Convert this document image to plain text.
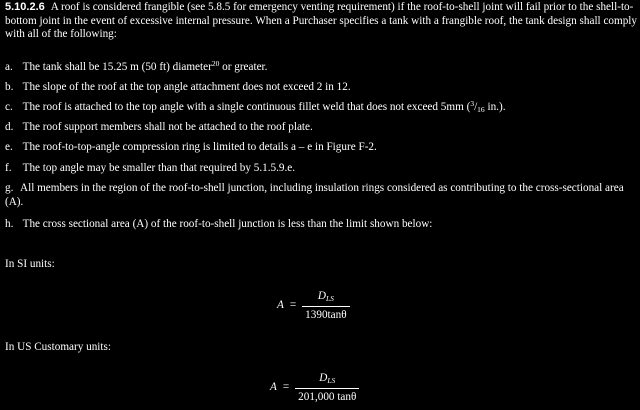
5.10.2.6 A roof is considered frangible (see 5.8.5 for emergency venting requirement) if the roof-to-shell joint will fail prior to the shell-to-bottom joint in the event of excessive internal pressure. When a Purchaser specifies a tank with a frangible roof, the tank design shall comply with all of the following:

a. The tank shall be 15.25 m (50 ft) diameter$^{20}$ or greater.

b. The slope of the roof at the top angle attachment does not exceed 2 in 12.

c. The roof is attached to the top angle with a single continuous fillet weld that does not exceed 5mm ($^3/_{16}$ in.).

d. The roof support members shall not be attached to the roof plate.

e. The roof-to-top-angle compression ring is limited to details a – e in Figure F-2.

f. The top angle may be smaller than that required by 5.1.5.9.e.

g. All members in the region of the roof-to-shell junction, including insulation rings considered as contributing to the cross-sectional area (A).

h. The cross sectional area (A) of the roof-to-shell junction is less than the limit shown below:

In SI units:

$A = \frac{D_{LS}}{1390\tan\theta}$

In US Customary units:

$A = \frac{D_{LS}}{201,000 \tan\theta}$
